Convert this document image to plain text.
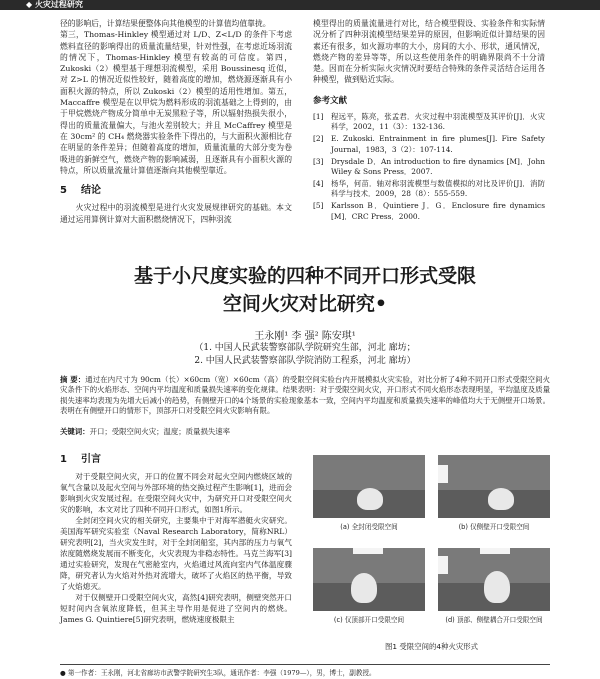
◆ 火灾过程研究

径的影响后，计算结果便整体向其他模型的计算值均值靠拢。

第三，Thomas-Hinkley 模型通过对 L/D、Z<L/D 的条件下考虑燃料直径的影响得出的质量流量结果，针对性强，在考虑近场羽流的情况下，Thomas-Hinkley 模型有较高的可信度。第四，Zukoski（2）模型基于理想羽流模型，采用 Boussinesq 近似，对 Z>L 的情况近似性较好，随着高度的增加，燃烧源逐渐具有小面积火源的特点，所以 Zukoski（2）模型的适用性增加。第五，Maccaffre 模型是在以甲烷为燃料形成的羽流基础之上得到的，由于甲烷燃烧产物成分简单中无炭黑粒子等，所以辐射热损失很小，得出的质量流量偏大，与池火差别较大；并且 McCaffrey 模型是在 30cm² 的 CH₄ 燃烧器实验条件下得出的，与大面积火源相比存在明显的条件差异；但随着高度的增加，质量流量的大部分变为卷吸进的新鲜空气，燃烧产物的影响减弱，且逐渐具有小面积火源的特点，所以质量流量计算值逐渐向其他模型靠近。

5 结论

火灾过程中的羽流模型是进行火灾发展规律研究的基础。本文通过运用算例计算对大面积燃烧情况下，四种羽流

模型得出的质量流量进行对比，结合模型假设、实验条件和实际情况分析了四种羽流模型结果差异的原因，但影响近似计算结果的因素还有很多，如火源功率的大小，房间的大小、形状，通风情况，燃烧产物的差异等等，所以这些使用条件的明确界限尚不十分清楚。因而在分析实际火灾情况时要结合特殊的条件灵活结合运用各种模型，做到贴近实际。

参考文献
[1]	程远平，陈亮，张孟君．火灾过程中羽流模型及其评价[J]．火灾科学，2002，11（3）：132-136.
[2]	E. Zukoski. Entrainment in fire plumes[J]. Fire Safety Journal，1983，3（2）：107-114.
[3]	Drysdale D．An introduction to fire dynamics [M]．John Wiley & Sons Press．2007.
[4]	杨华，何苗．轴对称羽流模型与数值模拟的对比及评价[J]．消防科学与技术．2009，28（8）：555-559.
[5]	Karlsson B．Quintiere J．G．Enclosure fire dynamics [M]．CRC Press．2000.
基于小尺度实验的四种不同开口形式受限
空间火灾对比研究•
王永刚¹ 李 强² 陈安琪¹
（1. 中国人民武装警察部队学院研究生部，河北 廊坊；
2. 中国人民武装警察部队学院消防工程系，河北 廊坊）
摘 要：通过在内尺寸为 90cm（长）×60cm（宽）×60cm（高）的受限空间实验台内开展模拟火灾实验，对比分析了4种不同开口形式受限空间火灾条件下的火焰形态、空间内平均温度和质量损失速率的变化规律。结果表明：对于受限空间火灾，开口形式不同火焰形态表现明显，平均温度及质量损失速率均表现为先增大后减小的趋势，有侧壁开口的4个场景的实验现象基本一致，空间内平均温度和质量损失速率的峰值均大于无侧壁开口场景。表明在有侧壁开口的情形下，顶部开口对受限空间火灾影响有限。
关键词：开口；受限空间火灾；温度；质量损失速率
1 引言

对于受限空间火灾，开口的位置不同会对起火空间内燃烧区域的氧气含量以及起火空间与外部环境的热交换过程产生影响[1]，进而会影响到火灾发展过程。在受限空间火灾中，为研究开口对受限空间火灾的影响，本文对比了四种不同开口形式，如图1所示。

全封闭空间火灾的相关研究，主要集中于对海军潜艇火灾研究。美国海军研究实验室（Naval Research Laboratory，简称NRL）研究表明[2]，当火灾发生时，对于全封闭船室，其内部的压力与氧气浓度随燃烧发展而不断变化，火灾表现为非稳态特性。马克兰海军[3]通过实验研究，发现在气密舱室内，火焰通过风流向室内气体温度骤降，研究者认为火焰对外热对流增大，破坏了火焰区的热平衡，导致了火焰熄灭。

对于仅侧壁开口受限空间火灾，高然[4]研究表明，侧壁突然开口短时间内含氧浓度降低，但其主导作用是促进了空间内的燃烧。James G. Quintiere[5]研究表明，燃烧速度极限主

(a) 全封闭受限空间	(b) 仅侧壁开口受限空间
(c) 仅顶部开口受限空间	(d) 顶部、侧壁耦合开口受限空间
图1 受限空间的4种火灾形式
● 第一作者：王永刚，河北省廊坊市武警学院研究生3队，通讯作者：李强（1979—），男，博士，副教授。
